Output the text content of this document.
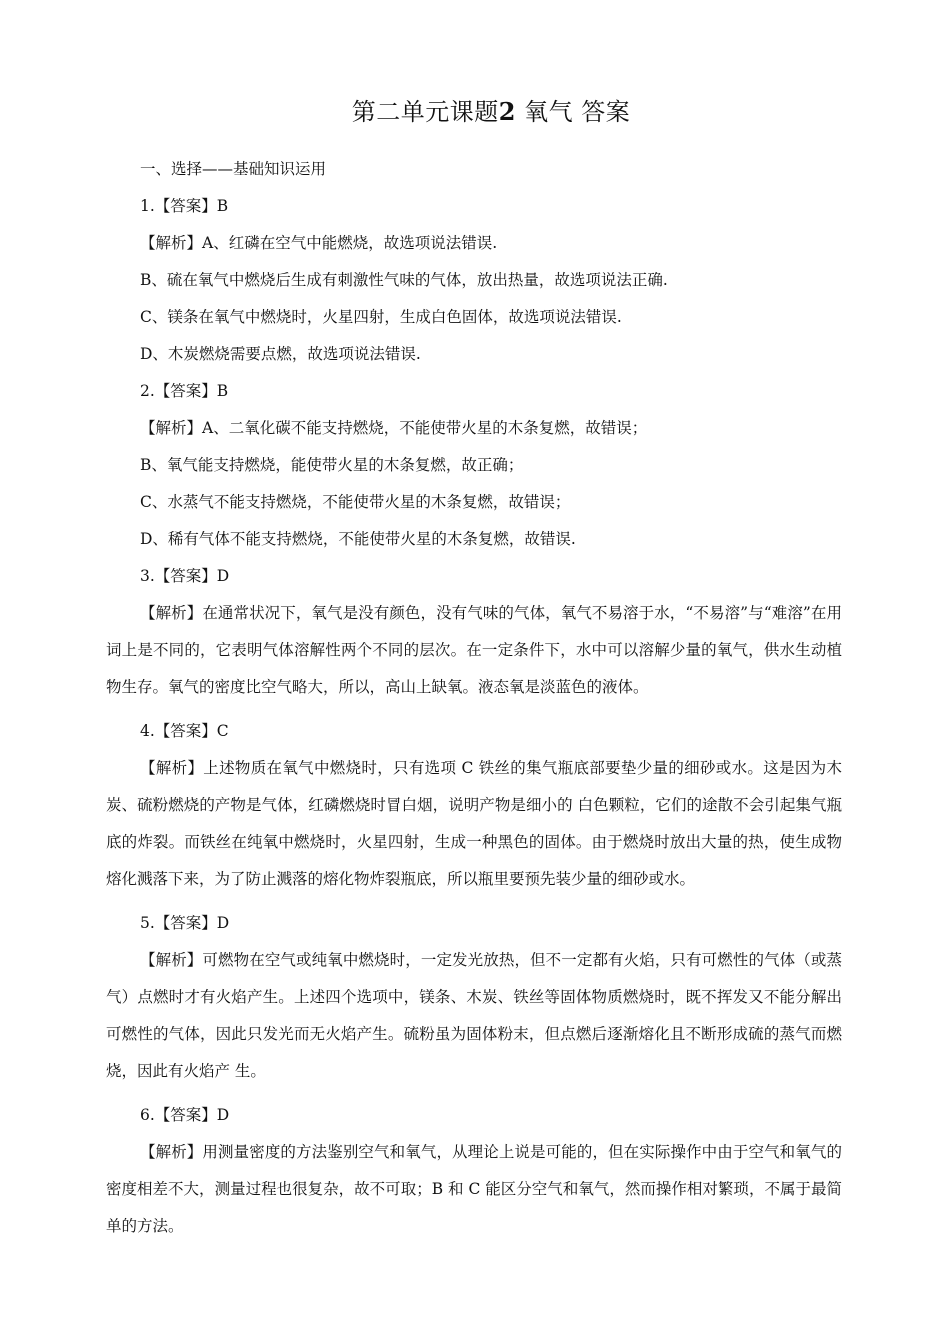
第二单元课题2 氧气 答案
一、选择——基础知识运用
1.【答案】B
【解析】A、红磷在空气中能燃烧，故选项说法错误.
B、硫在氧气中燃烧后生成有刺激性气味的气体，放出热量，故选项说法正确.
C、镁条在氧气中燃烧时，火星四射，生成白色固体，故选项说法错误.
D、木炭燃烧需要点燃，故选项说法错误.
2.【答案】B
【解析】A、二氧化碳不能支持燃烧，不能使带火星的木条复燃，故错误；
B、氧气能支持燃烧，能使带火星的木条复燃，故正确；
C、水蒸气不能支持燃烧，不能使带火星的木条复燃，故错误；
D、稀有气体不能支持燃烧，不能使带火星的木条复燃，故错误.
3.【答案】D
【解析】在通常状况下，氧气是没有颜色，没有气味的气体，氧气不易溶于水，“不易溶”与“难溶”在用词上是不同的，它表明气体溶解性两个不同的层次。在一定条件下，水中可以溶解少量的氧气，供水生动植物生存。氧气的密度比空气略大，所以，高山上缺氧。液态氧是淡蓝色的液体。
4.【答案】C
【解析】上述物质在氧气中燃烧时，只有选项 C 铁丝的集气瓶底部要垫少量的细砂或水。这是因为木炭、硫粉燃烧的产物是气体，红磷燃烧时冒白烟，说明产物是细小的 白色颗粒，它们的途散不会引起集气瓶底的炸裂。而铁丝在纯氧中燃烧时，火星四射，生成一种黑色的固体。由于燃烧时放出大量的热，使生成物熔化溅落下来，为了防止溅落的熔化物炸裂瓶底，所以瓶里要预先装少量的细砂或水。
5.【答案】D
【解析】可燃物在空气或纯氧中燃烧时，一定发光放热，但不一定都有火焰，只有可燃性的气体（或蒸气）点燃时才有火焰产生。上述四个选项中，镁条、木炭、铁丝等固体物质燃烧时，既不挥发又不能分解出可燃性的气体，因此只发光而无火焰产生。硫粉虽为固体粉末，但点燃后逐渐熔化且不断形成硫的蒸气而燃烧，因此有火焰产 生。
6.【答案】D
【解析】用测量密度的方法鉴别空气和氧气，从理论上说是可能的，但在实际操作中由于空气和氧气的密度相差不大，测量过程也很复杂，故不可取；B 和 C 能区分空气和氧气，然而操作相对繁琐，不属于最简单的方法。
